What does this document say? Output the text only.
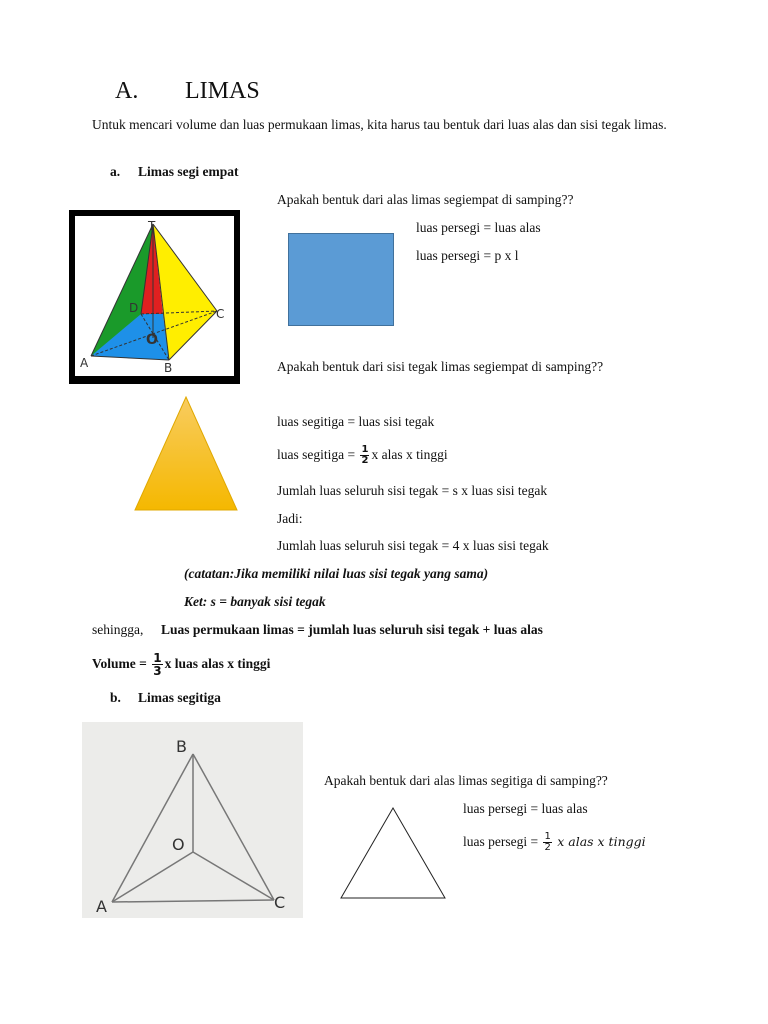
A. LIMAS
Untuk mencari volume dan luas permukaan limas, kita harus tau bentuk dari luas alas dan sisi tegak limas.
a. Limas segi empat
T
D	C
O
A	B
Apakah bentuk dari alas limas segiempat di samping??
luas persegi = luas alas
luas persegi = p x l
Apakah bentuk dari sisi tegak limas segiempat di samping??
luas segitiga = luas sisi tegak
luas segitiga = $\frac{1}{2}$ x alas x tinggi
Jumlah luas seluruh sisi tegak = s x luas sisi tegak
Jadi:
Jumlah luas seluruh sisi tegak = 4 x luas sisi tegak
(catatan:Jika memiliki nilai luas sisi tegak yang sama)
Ket: s = banyak sisi tegak
sehingga, Luas permukaan limas = jumlah luas seluruh sisi tegak + luas alas
Volume = $\frac{1}{3}$ x luas alas x tinggi
b. Limas segitiga
B
O
A	C
Apakah bentuk dari alas limas segitiga di samping??
luas persegi = luas alas
luas persegi = $\frac{1}{2}$ x alas x tinggi
